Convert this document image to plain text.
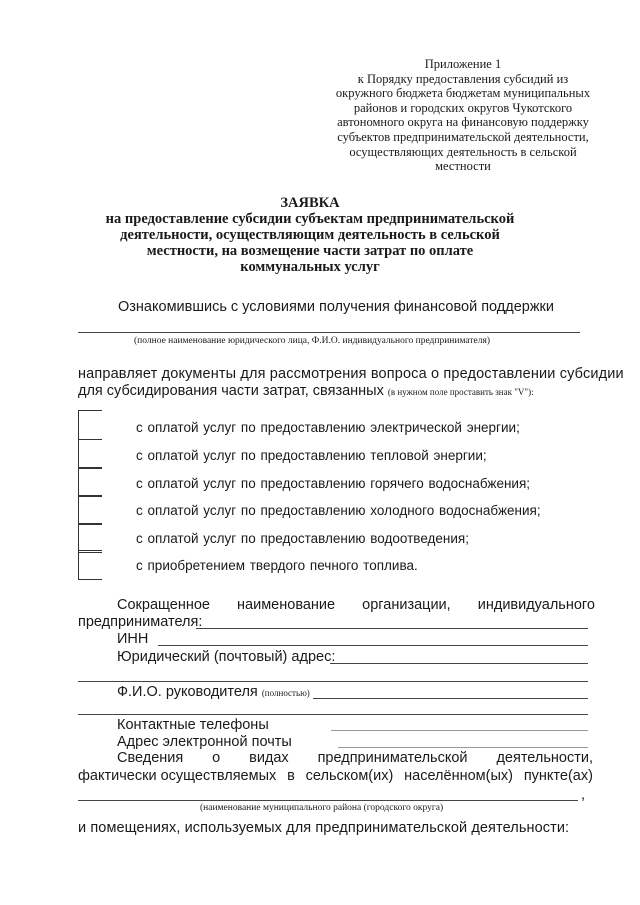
Приложение 1
к Порядку предоставления субсидий из
окружного бюджета бюджетам муниципальных
районов и городских округов Чукотского
автономного округа на финансовую поддержку
субъектов предпринимательской деятельности,
осуществляющих деятельность в сельской
местности
ЗАЯВКА
на предоставление субсидии субъектам предпринимательской
деятельности, осуществляющим деятельность в сельской
местности, на возмещение части затрат по оплате
коммунальных услуг
Ознакомившись с условиями получения финансовой поддержки
(полное наименование юридического лица, Ф.И.О. индивидуального предпринимателя)
направляет документы для рассмотрения вопроса о предоставлении субсидии
для субсидирования части затрат, связанных (в нужном поле проставить знак "V"):
с оплатой услуг по предоставлению электрической энергии;
с оплатой услуг по предоставлению тепловой энергии;
с оплатой услуг по предоставлению горячего водоснабжения;
с оплатой услуг по предоставлению холодного водоснабжения;
с оплатой услуг по предоставлению водоотведения;
с приобретением твердого печного топлива.
Сокращенное наименование организации, индивидуального
предпринимателя:
ИНН
Юридический (почтовый) адрес:
Ф.И.О. руководителя (полностью)
Контактные телефоны
Адрес электронной почты
Сведения о видах предпринимательской деятельности,
фактически осуществляемых в сельском(их) населённом(ых) пункте(ах)
,
(наименование муниципального района (городского округа)
и помещениях, используемых для предпринимательской деятельности:
